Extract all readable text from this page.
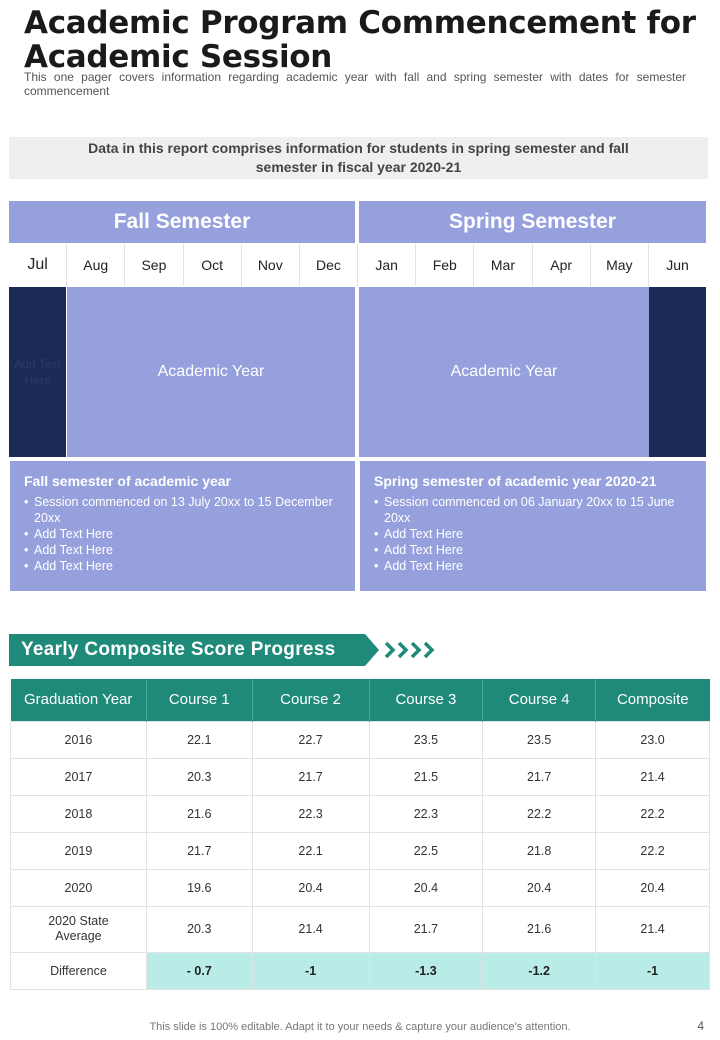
Academic Program Commencement for Academic Session
This one pager covers information regarding academic year with fall and spring semester with dates for semester commencement
Data in this report comprises information for students in spring semester and fall semester in fiscal year 2020-21
Fall Semester	Spring Semester
Jul	Aug	Sep	Oct	Nov	Dec	Jan	Feb	Mar	Apr	May	Jun
Add Text Here	Academic Year	Academic Year
Fall semester of academic year
• Session commenced on 13 July 20xx to 15 December 20xx
• Add Text Here
• Add Text Here
• Add Text Here
Spring semester of academic year 2020-21
• Session commenced on 06 January 20xx to 15 June 20xx
• Add Text Here
• Add Text Here
• Add Text Here
Yearly Composite Score Progress
Graduation Year	Course 1	Course 2	Course 3	Course 4	Composite
2016	22.1	22.7	23.5	23.5	23.0
2017	20.3	21.7	21.5	21.7	21.4
2018	21.6	22.3	22.3	22.2	22.2
2019	21.7	22.1	22.5	21.8	22.2
2020	19.6	20.4	20.4	20.4	20.4
2020 State Average	20.3	21.4	21.7	21.6	21.4
Difference	- 0.7	-1	-1.3	-1.2	-1
This slide is 100% editable. Adapt it to your needs & capture your audience’s attention.	4
